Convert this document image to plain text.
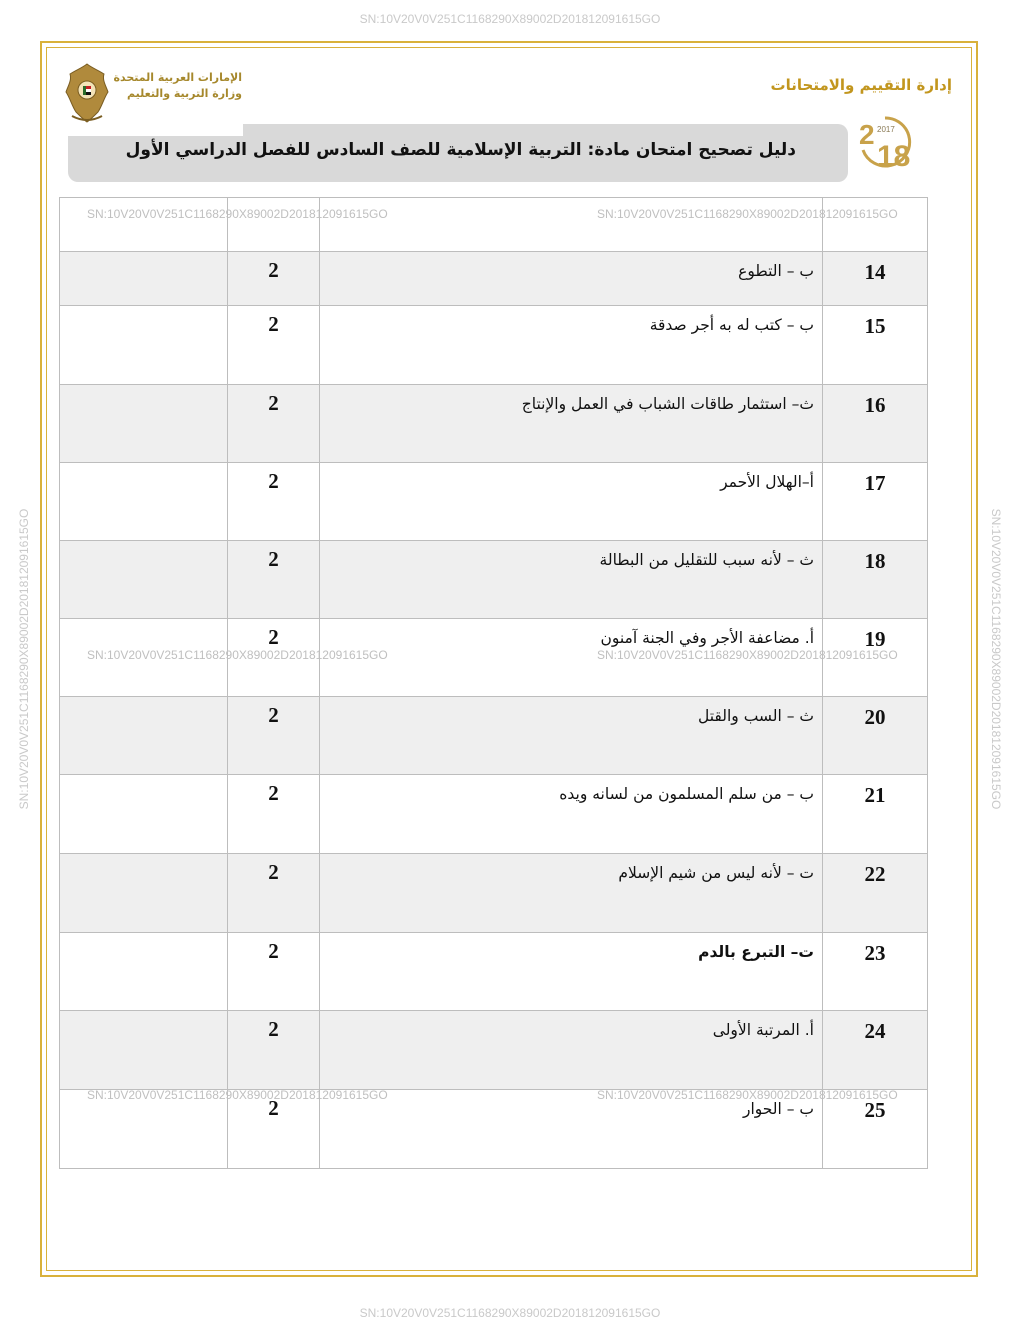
SN:10V20V0V251C1168290X89002D201812091615GO
SN:10V20V0V251C1168290X89002D201812091615GO
SN:10V20V0V251C1168290X89002D201812091615GO	SN:10V20V0V251C1168290X89002D201812091615GO
الإمارات العربية المتحدة
وزارة التربية والتعليم	إدارة التقييم والامتحانات
2 2017
18
دليل تصحيح امتحان مادة: التربية الإسلامية للصف السادس للفصل الدراسي الأول

	2	ب – التطوع	14
	2	ب – كتب له به أجر صدقة	15
	2	ث– استثمار طاقات الشباب في العمل والإنتاج	16
	2	أ–الهلال الأحمر	17
	2	ث – لأنه سبب للتقليل من البطالة	18
	2	أ. مضاعفة الأجر وفي الجنة آمنون	19
	2	ث – السب والقتل	20
	2	ب – من سلم المسلمون من لسانه ويده	21
	2	ت – لأنه ليس من شيم الإسلام	22
	2	ت– التبرع بالدم	23
	2	أ. المرتبة الأولى	24
	2	ب – الحوار	25
SN:10V20V0V251C1168290X89002D201812091615GO	SN:10V20V0V251C1168290X89002D201812091615GO
SN:10V20V0V251C1168290X89002D201812091615GO	SN:10V20V0V251C1168290X89002D201812091615GO
SN:10V20V0V251C1168290X89002D201812091615GO	SN:10V20V0V251C1168290X89002D201812091615GO
